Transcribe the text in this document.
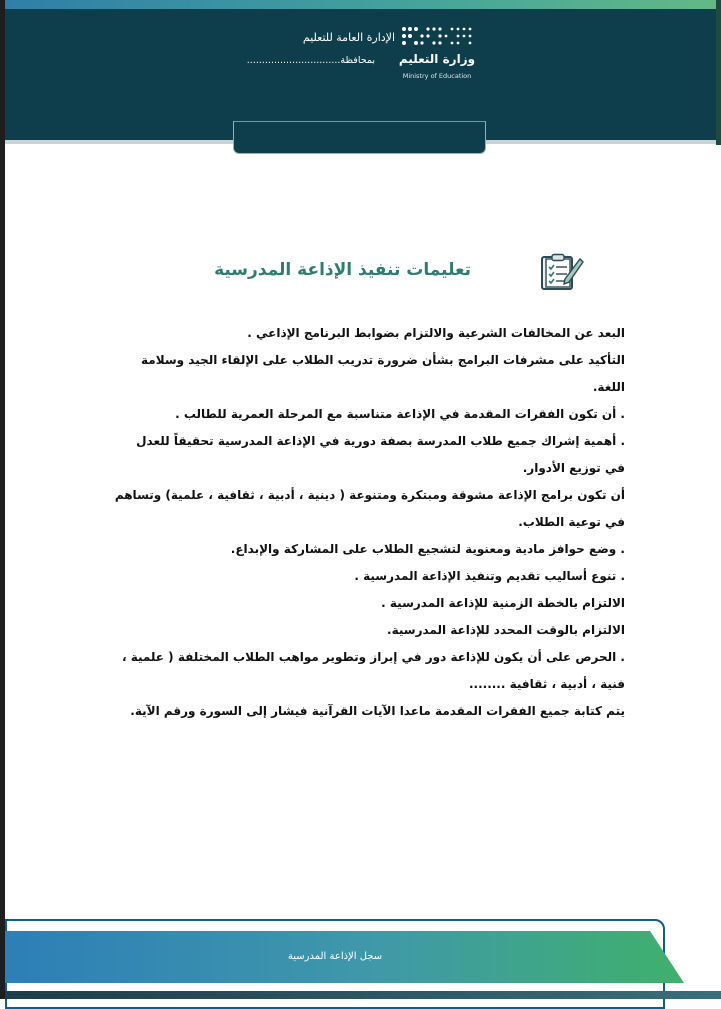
وزارة التعليم
Ministry of Education
الإدارة العامة للتعليم
بمحافظة...............................
تعليمات تنفيذ الإذاعة المدرسية
البعد عن المخالفات الشرعية والالتزام بضوابط البرنامج الإذاعي .
التأكيد على مشرفات البرامج بشأن ضرورة تدريب الطلاب على الإلقاء الجيد وسلامة اللغة.
. أن تكون الفقرات المقدمة في الإذاعة متناسبة مع المرحلة العمرية للطالب .
. أهمية إشراك جميع طلاب المدرسة بصفة دورية في الإذاعة المدرسية تحقيقاً للعدل في توزيع الأدوار.
أن تكون برامج الإذاعة مشوقة ومبتكرة ومتنوعة ( دينية ، أدبية ، ثقافية ، علمية) وتساهم في توعية الطلاب.
. وضع حوافز مادية ومعنوية لتشجيع الطلاب على المشاركة والإبداع.
. تنوع أساليب تقديم وتنفيذ الإذاعة المدرسية .
الالتزام بالخطة الزمنية للإذاعة المدرسية .
الالتزام بالوقت المحدد للإذاعة المدرسية.
. الحرص على أن يكون للإذاعة دور في إبراز وتطوير مواهب الطلاب المختلفة ( علمية ، فنية ، أدبية ، ثقافية ........
يتم كتابة جميع الفقرات المقدمة ماعدا الآيات القرآنية فيشار إلى السورة ورقم الآية.
سجل الإذاعة المدرسية
